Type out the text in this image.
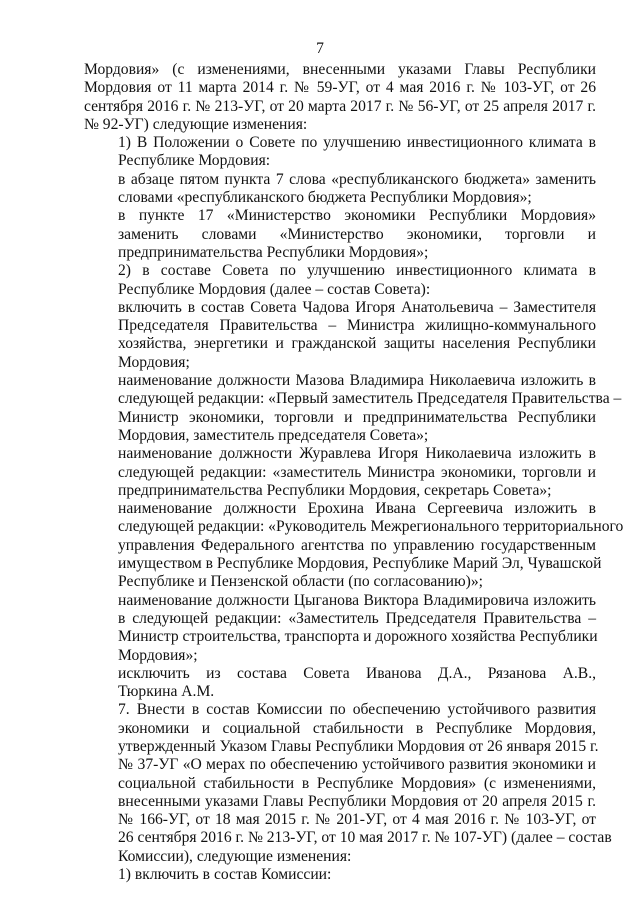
7
Мордовия» (с изменениями, внесенными указами Главы Республики
Мордовия от 11 марта 2014 г. № 59-УГ, от 4 мая 2016 г. № 103-УГ, от 26
сентября 2016 г. № 213-УГ, от 20 марта 2017 г. № 56-УГ, от 25 апреля 2017 г.
№ 92-УГ) следующие изменения:
1) В Положении о Совете по улучшению инвестиционного климата в
Республике Мордовия:
в абзаце пятом пункта 7 слова «республиканского бюджета» заменить
словами «республиканского бюджета Республики Мордовия»;
в пункте 17 «Министерство экономики Республики Мордовия»
заменить словами «Министерство экономики, торговли и
предпринимательства Республики Мордовия»;
2) в составе Совета по улучшению инвестиционного климата в
Республике Мордовия (далее – состав Совета):
включить в состав Совета Чадова Игоря Анатольевича – Заместителя
Председателя Правительства – Министра жилищно-коммунального
хозяйства, энергетики и гражданской защиты населения Республики
Мордовия;
наименование должности Мазова Владимира Николаевича изложить в
следующей редакции: «Первый заместитель Председателя Правительства –
Министр экономики, торговли и предпринимательства Республики
Мордовия, заместитель председателя Совета»;
наименование должности Журавлева Игоря Николаевича изложить в
следующей редакции: «заместитель Министра экономики, торговли и
предпринимательства Республики Мордовия, секретарь Совета»;
наименование должности Ерохина Ивана Сергеевича изложить в
следующей редакции: «Руководитель Межрегионального территориального
управления Федерального агентства по управлению государственным
имуществом в Республике Мордовия, Республике Марий Эл, Чувашской
Республике и Пензенской области (по согласованию)»;
наименование должности Цыганова Виктора Владимировича изложить
в следующей редакции: «Заместитель Председателя Правительства –
Министр строительства, транспорта и дорожного хозяйства Республики
Мордовия»;
исключить из состава Совета Иванова Д.А., Рязанова А.В.,
Тюркина А.М.
7. Внести в состав Комиссии по обеспечению устойчивого развития
экономики и социальной стабильности в Республике Мордовия,
утвержденный Указом Главы Республики Мордовия от 26 января 2015 г.
№ 37-УГ «О мерах по обеспечению устойчивого развития экономики и
социальной стабильности в Республике Мордовия» (с изменениями,
внесенными указами Главы Республики Мордовия от 20 апреля 2015 г.
№ 166-УГ, от 18 мая 2015 г. № 201-УГ, от 4 мая 2016 г. № 103-УГ, от
26 сентября 2016 г. № 213-УГ, от 10 мая 2017 г. № 107-УГ) (далее – состав
Комиссии), следующие изменения:
1) включить в состав Комиссии:
